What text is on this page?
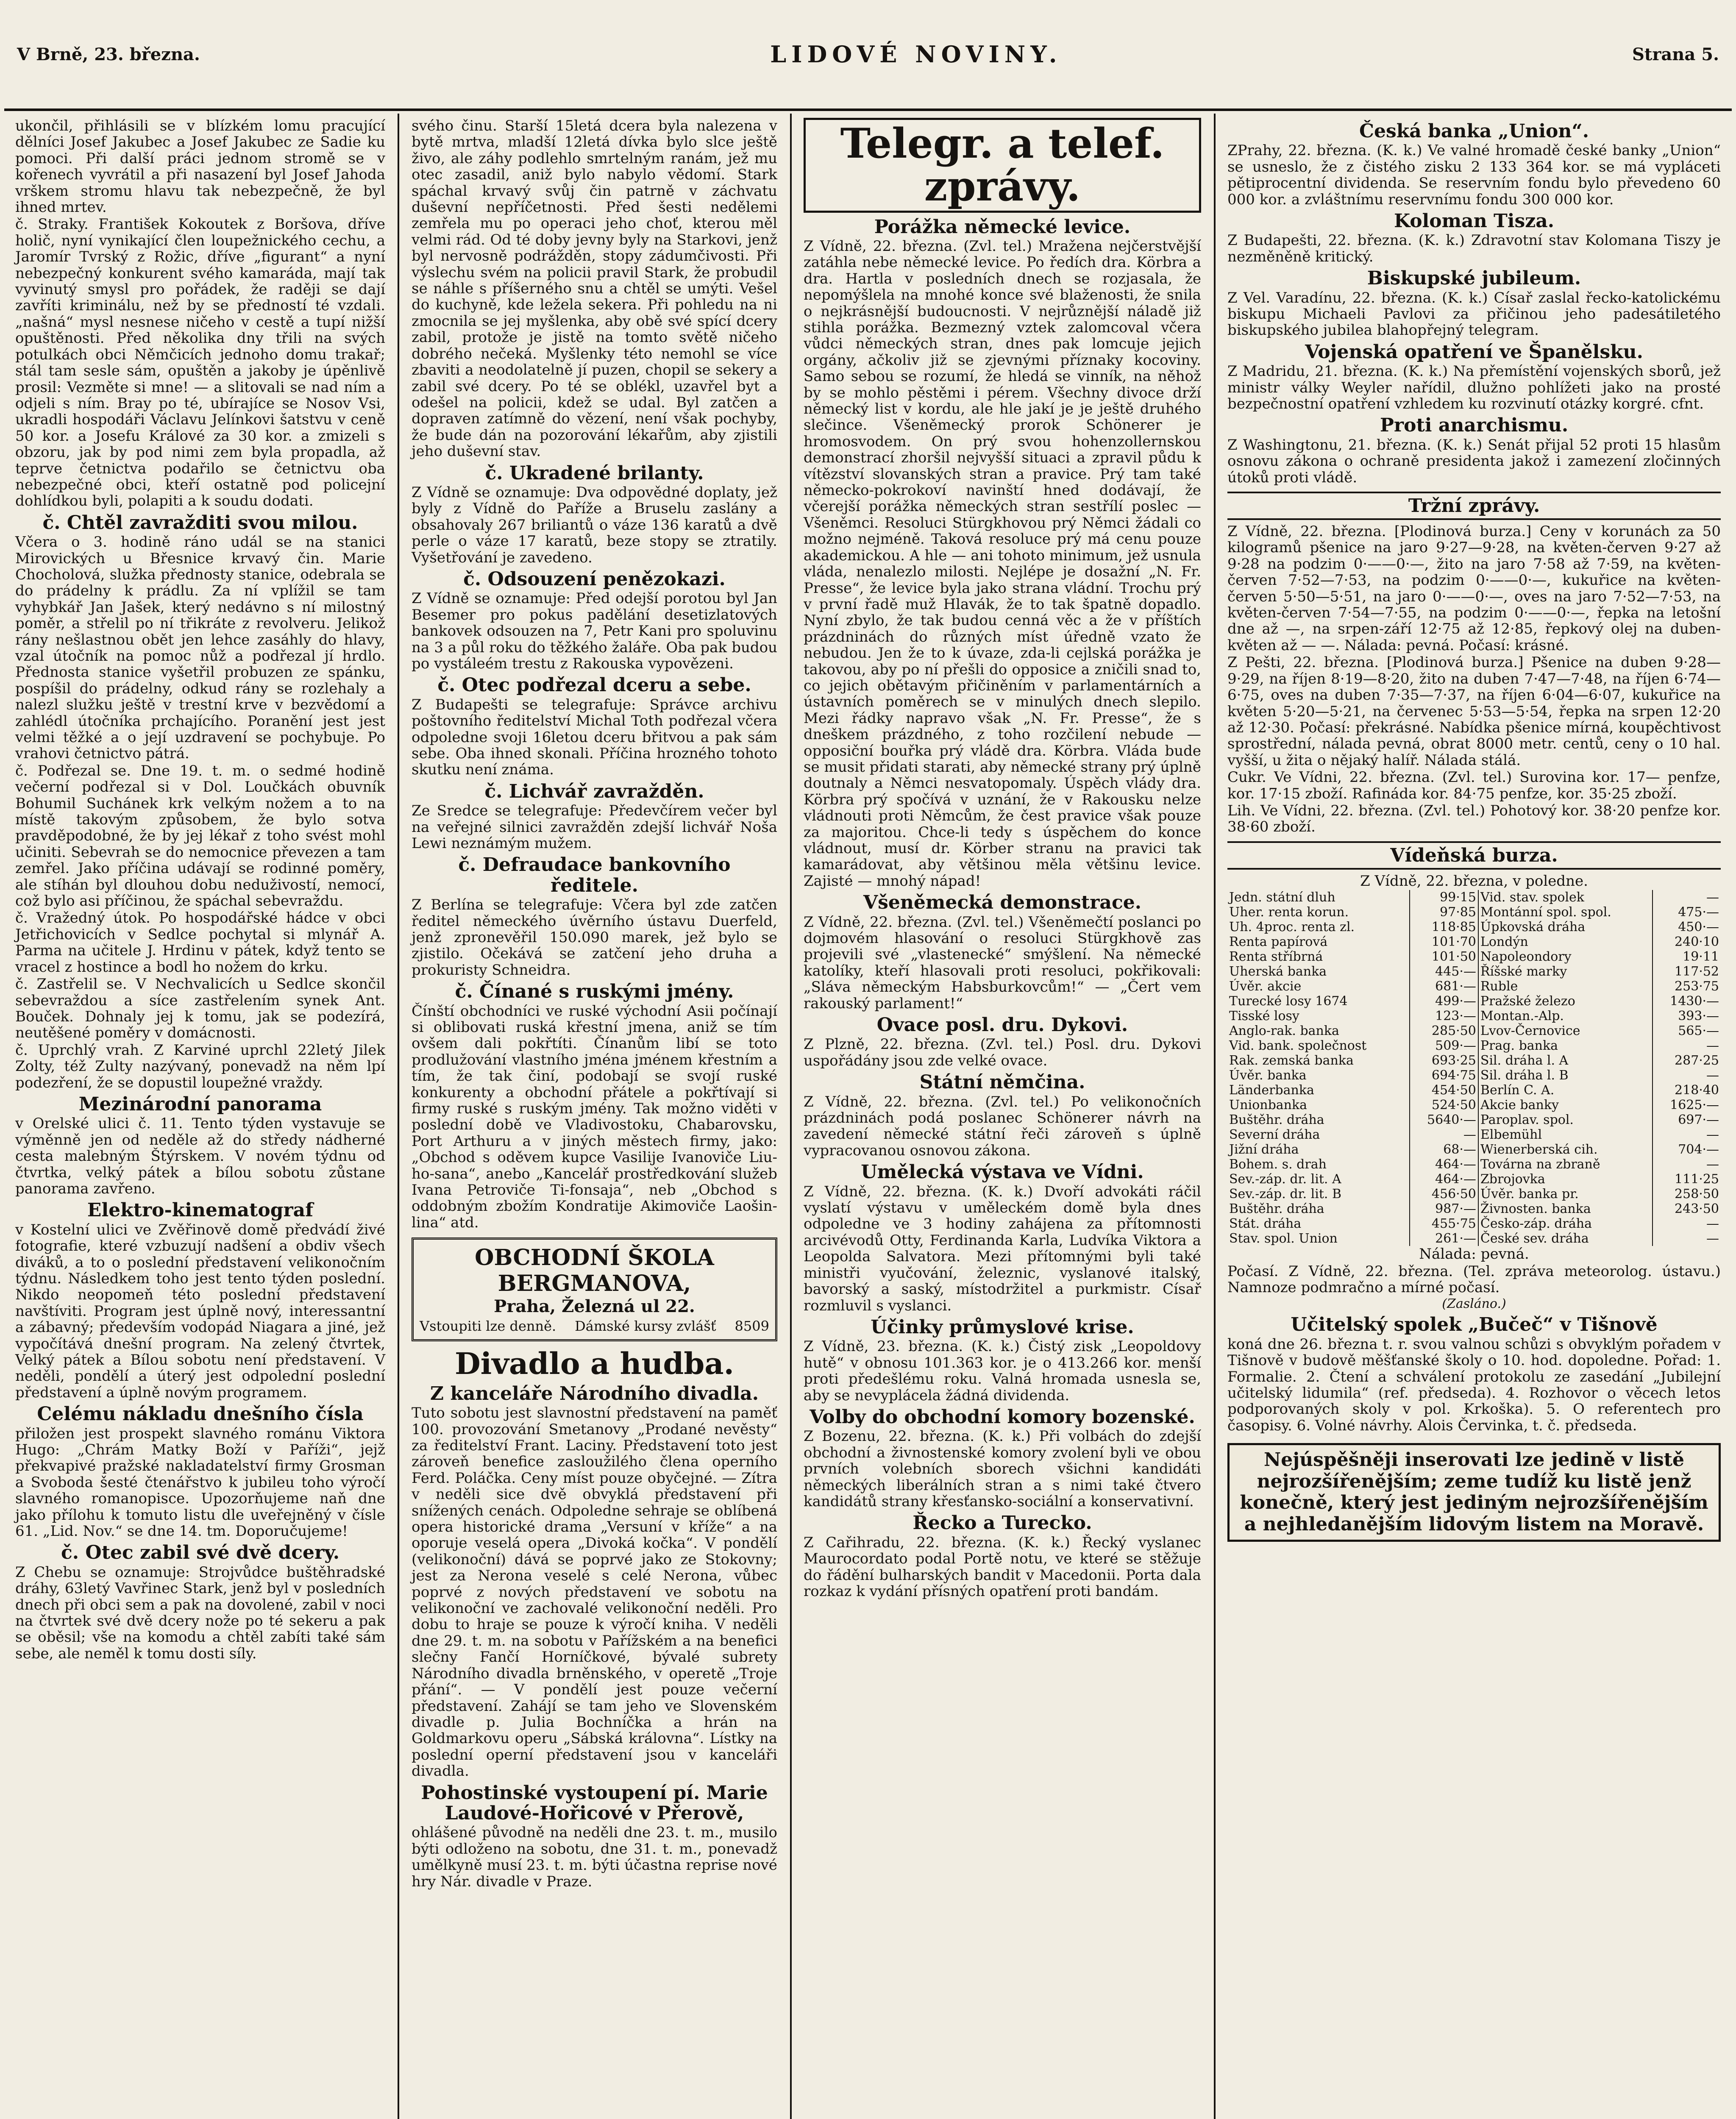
V Brně, 23. března.	LIDOVÉ NOVINY.	Strana 5.

ukončil, přihlásili se v blízkém lomu pracující dělníci Josef Jakubec a Josef Jakubec ze Sadie ku pomoci. Při další práci jednom stromě se v kořenech vyvrátil a při nasazení byl Josef Jahoda vrškem stromu hlavu tak nebezpečně, že byl ihned mrtev.

č. Straky. František Kokoutek z Boršova, dříve holič, nyní vynikající člen loupežnického cechu, a Jaromír Tvrský z Rožic, dříve „figurant“ a nyní nebezpečný konkurent svého kamaráda, mají tak vyvinutý smysl pro pořádek, že raději se dají zavříti kriminálu, než by se předností té vzdali. „našná“ mysl nesnese ničeho v cestě a tupí nižší opuštěnosti. Před několika dny třili na svých potulkách obci Němčicích jednoho domu trakař; stál tam sesle sám, opuštěn a jakoby je úpěnlivě prosil: Vezměte si mne! — a slitovali se nad ním a odjeli s ním. Bray po té, ubírajíce se Nosov Vsi, ukradli hospodáři Václavu Jelínkovi šatstvu v ceně 50 kor. a Josefu Králové za 30 kor. a zmizeli s obzoru, jak by pod nimi zem byla propadla, až teprve četnictva podařilo se četnictvu oba nebezpečné obci, kteří ostatně pod policejní dohlídkou byli, polapiti a k soudu dodati.

č. Chtěl zavražditi svou milou.

Včera o 3. hodině ráno udál se na stanici Mirovických u Břesnice krvavý čin. Marie Chocholová, služka přednosty stanice, odebrala se do prádelny k prádlu. Za ní vplížil se tam vyhybkář Jan Jašek, který nedávno s ní milostný poměr, a střelil po ní třikráte z revolveru. Jelikož rány nešlastnou obět jen lehce zasáhly do hlavy, vzal útočník na pomoc nůž a podřezal jí hrdlo. Přednosta stanice vyšetřil probuzen ze spánku, pospíšil do prádelny, odkud rány se rozlehaly a nalezl služku ještě v trestní krve v bezvědomí a zahlédl útočníka prchajícího. Poranění jest jest velmi těžké a o její uzdravení se pochybuje. Po vrahovi četnictvo pátrá.

č. Podřezal se. Dne 19. t. m. o sedmé hodině večerní podřezal si v Dol. Loučkách obuvník Bohumil Suchánek krk velkým nožem a to na místě takovým způsobem, že bylo sotva pravděpodobné, že by jej lékař z toho svést mohl učiniti. Sebevrah se do nemocnice převezen a tam zemřel. Jako příčina udávají se rodinné poměry, ale stíhán byl dlouhou dobu neduživostí, nemocí, což bylo asi příčinou, že spáchal sebevraždu.

č. Vražedný útok. Po hospodářské hádce v obci Jetřichovicích v Sedlce pochytal si mlynář A. Parma na učitele J. Hrdinu v pátek, když tento se vracel z hostince a bodl ho nožem do krku.

č. Zastřelil se. V Nechvalicích u Sedlce skončil sebevraždou a síce zastřelením synek Ant. Bouček. Dohnaly jej k tomu, jak se podezírá, neutěšené poměry v domácnosti.

č. Uprchlý vrah. Z Karviné uprchl 22letý Jilek Zolty, též Zulty nazývaný, ponevadž na něm lpí podezření, že se dopustil loupežné vraždy.

Mezinárodní panorama

v Orelské ulici č. 11. Tento týden vystavuje se výměnně jen od neděle až do středy nádherné cesta malebným Štýrskem. V novém týdnu od čtvrtka, velký pátek a bílou sobotu zůstane panorama zavřeno.

Elektro-kinematograf

v Kostelní ulici ve Zvěřinově domě předvádí živé fotografie, které vzbuzují nadšení a obdiv všech diváků, a to o poslední představení velikonočním týdnu. Následkem toho jest tento týden poslední. Nikdo neopomeň této poslední představení navštíviti. Program jest úplně nový, interessantní a zábavný; především vodopád Niagara a jiné, jež vypočítává dnešní program. Na zelený čtvrtek, Velký pátek a Bílou sobotu není představení. V neděli, pondělí a úterý jest odpolední poslední představení a úplně novým programem.

Celému nákladu dnešního čísla

přiložen jest prospekt slavného románu Viktora Hugo: „Chrám Matky Boží v Paříži“, jejž překvapivé pražské nakladatelství firmy Grosman a Svoboda šesté čtenářstvo k jubileu toho výročí slavného romanopisce. Upozorňujeme naň dne jako přílohu k tomuto listu dle uveřejněný v čísle 61. „Lid. Nov.“ se dne 14. tm. Doporučujeme!

č. Otec zabil své dvě dcery.

Z Chebu se oznamuje: Strojvůdce buštěhradské dráhy, 63letý Vavřinec Stark, jenž byl v posledních dnech při obci sem a pak na dovolené, zabil v noci na čtvrtek své dvě dcery nože po té sekeru a pak se oběsil; vše na komodu a chtěl zabíti také sám sebe, ale neměl k tomu dosti síly.

svého činu. Starší 15letá dcera byla nalezena v bytě mrtva, mladší 12letá dívka bylo slce ještě živo, ale záhy podlehlo smrtelným ranám, jež mu otec zasadil, aniž bylo nabylo vědomí. Stark spáchal krvavý svůj čin patrně v záchvatu duševní nepříčetnosti. Před šesti nedělemi zemřela mu po operaci jeho choť, kterou měl velmi rád. Od té doby jevny byly na Starkovi, jenž byl nervosně podrážděn, stopy zádumčivosti. Při výslechu svém na policii pravil Stark, že probudil se náhle s příšerného snu a chtěl se umýti. Vešel do kuchyně, kde ležela sekera. Při pohledu na ni zmocnila se jej myšlenka, aby obě své spící dcery zabil, protože je jistě na tomto světě ničeho dobrého nečeká. Myšlenky této nemohl se více zbaviti a neodolatelně jí puzen, chopil se sekery a zabil své dcery. Po té se oblékl, uzavřel byt a odešel na policii, kdež se udal. Byl zatčen a dopraven zatímně do vězení, není však pochyby, že bude dán na pozorování lékařům, aby zjistili jeho duševní stav.

č. Ukradené brilanty.

Z Vídně se oznamuje: Dva odpovědné doplaty, jež byly z Vídně do Paříže a Bruselu zaslány a obsahovaly 267 briliantů o váze 136 karatů a dvě perle o váze 17 karatů, beze stopy se ztratily. Vyšetřování je zavedeno.

č. Odsouzení penězokazi.

Z Vídně se oznamuje: Před odejší porotou byl Jan Besemer pro pokus padělání desetizlatových bankovek odsouzen na 7, Petr Kani pro spoluvinu na 3 a půl roku do těžkého žaláře. Oba pak budou po vystáleém trestu z Rakouska vypovězeni.

č. Otec podřezal dceru a sebe.

Z Budapešti se telegrafuje: Správce archivu poštovního ředitelství Michal Toth podřezal včera odpoledne svoji 16letou dceru břitvou a pak sám sebe. Oba ihned skonali. Příčina hrozného tohoto skutku není známa.

č. Lichvář zavražděn.

Ze Sredce se telegrafuje: Předevčírem večer byl na veřejné silnici zavražděn zdejší lichvář Noša Lewi neznámým mužem.

č. Defraudace bankovního ředitele.

Z Berlína se telegrafuje: Včera byl zde zatčen ředitel německého úvěrního ústavu Duerfeld, jenž zpronevěřil 150.090 marek, jež bylo se zjistilo. Očekává se zatčení jeho druha a prokuristy Schneidra.

č. Čínané s ruskými jmény.

Čínští obchodníci ve ruské východní Asii počínají si oblibovati ruská křestní jmena, aniž se tím ovšem dali pokřtíti. Čínanům libí se toto prodlužování vlastního jména jménem křestním a tím, že tak činí, podobají se svojí ruské konkurenty a obchodní přátele a pokřtívají si firmy ruské s ruským jmény. Tak možno viděti v poslední době ve Vladivostoku, Chabarovsku, Port Arthuru a v jiných městech firmy, jako: „Obchod s oděvem kupce Vasilije Ivanoviče Liu-ho-sana“, anebo „Kancelář prostředkování služeb Ivana Petroviče Ti-fonsaja“, neb „Obchod s oddobným zbožím Kondratije Akimoviče Laošin-lina“ atd.

OBCHODNÍ ŠKOLA BERGMANOVA,
Praha, Železná ul 22.
Vstoupiti lze denně. Dámské kursy zvlášť 8509
Divadlo a hudba.
Z kanceláře Národního divadla.

Tuto sobotu jest slavnostní představení na paměť 100. provozování Smetanovy „Prodané nevěsty“ za ředitelství Frant. Laciny. Představení toto jest zároveň benefice zasloužilého člena operního Ferd. Poláčka. Ceny míst pouze obyčejné. — Zítra v neděli sice dvě obvyklá představení při snížených cenách. Odpoledne sehraje se oblíbená opera historické drama „Versuní v kříže“ a na oporuje veselá opera „Divoká kočka“. V pondělí (velikonoční) dává se poprvé jako ze Stokovny; jest za Nerona veselé s celé Nerona, vůbec poprvé z nových představení ve sobotu na velikonoční ve zachovalé velikonoční neděli. Pro dobu to hraje se pouze k výročí kniha. V neděli dne 29. t. m. na sobotu v Pařížském a na benefici slečny Fančí Horníčkové, bývalé subrety Národního divadla brněnského, v operetě „Troje přání“. — V pondělí jest pouze večerní představení. Zahájí se tam jeho ve Slovenském divadle p. Julia Bochníčka a hrán na Goldmarkovu operu „Sábská královna“. Lístky na poslední operní představení jsou v kanceláři divadla.

Pohostinské vystoupení pí. Marie Laudové-Hořicové v Přerově,

ohlášené původně na neděli dne 23. t. m., musilo býti odloženo na sobotu, dne 31. t. m., ponevadž umělkyně musí 23. t. m. býti účastna reprise nové hry Nár. divadle v Praze.

Telegr. a telef. zprávy.
Porážka německé levice.

Z Vídně, 22. března. (Zvl. tel.) Mražena nejčerstvější zatáhla nebe německé levice. Po ředích dra. Körbra a dra. Hartla v posledních dnech se rozjasala, že nepomýšlela na mnohé konce své blaženosti, že snila o nejkrásnější budoucnosti. V nejrůznější náladě již stihla porážka. Bezmezný vztek zalomcoval včera vůdci německých stran, dnes pak lomcuje jejich orgány, ačkoliv již se zjevnými příznaky kocoviny. Samo sebou se rozumí, že hledá se vinník, na něhož by se mohlo pěstěmi i pérem. Všechny divoce drží německý list v kordu, ale hle jakí je je ještě druhého slečince. Všeněmecký prorok Schönerer je hromosvodem. On prý svou hohenzollernskou demonstrací zhoršil nejvyšší situaci a zpravil půdu k vítězství slovanských stran a pravice. Prý tam také německo-pokrokoví navinští hned dodávají, že včerejší porážka německých stran sestřílí poslec — Všeněmci. Resoluci Stürgkhovou prý Němci žádali co možno nejméně. Taková resoluce prý má cenu pouze akademickou. A hle — ani tohoto minimum, jež usnula vláda, nenalezlo milosti. Nejlépe je dosažní „N. Fr. Presse“, že levice byla jako strana vládní. Trochu prý v první řadě muž Hlavák, že to tak špatně dopadlo. Nyní zbylo, že tak budou cenná věc a že v příštích prázdninách do různých míst úředně vzato že nebudou. Jen že to k úvaze, zda-li cejlská porážka je takovou, aby po ní přešli do opposice a zničili snad to, co jejich obětavým přičiněním v parlamentárních a ústavních poměrech se v minulých dnech slepilo. Mezi řádky napravo však „N. Fr. Presse“, že s dneškem prázdného, z toho rozčilení nebude — opposiční bouřka prý vládě dra. Körbra. Vláda bude se musit přidati starati, aby německé strany prý úplně doutnaly a Němci nesvatopomaly. Úspěch vlády dra. Körbra prý spočívá v uznání, že v Rakousku nelze vládnouti proti Němcům, že čest pravice však pouze za majoritou. Chce-li tedy s úspěchem do konce vládnout, musí dr. Körber stranu na pravici tak kamarádovat, aby většinou měla většinu levice. Zajisté — mnohý nápad!

Všeněmecká demonstrace.

Z Vídně, 22. března. (Zvl. tel.) Všeněmečtí poslanci po dojmovém hlasování o resoluci Stürgkhově zas projevili své „vlastenecké“ smýšlení. Na německé katolíky, kteří hlasovali proti resoluci, pokřikovali: „Sláva německým Habsburkovcům!“ — „Čert vem rakouský parlament!“

Ovace posl. dru. Dykovi.

Z Plzně, 22. března. (Zvl. tel.) Posl. dru. Dykovi uspořádány jsou zde velké ovace.

Státní němčina.

Z Vídně, 22. března. (Zvl. tel.) Po velikonočních prázdninách podá poslanec Schönerer návrh na zavedení německé státní řeči zároveň s úplně vypracovanou osnovou zákona.

Umělecká výstava ve Vídni.

Z Vídně, 22. března. (K. k.) Dvoří advokáti ráčil vyslatí výstavu v uměleckém domě byla dnes odpoledne ve 3 hodiny zahájena za přítomnosti arcivévodů Otty, Ferdinanda Karla, Ludvíka Viktora a Leopolda Salvatora. Mezi přítomnými byli také ministři vyučování, železnic, vyslanové italský, bavorský a saský, místodržitel a purkmistr. Císař rozmluvil s vyslanci.

Účinky průmyslové krise.

Z Vídně, 23. března. (K. k.) Čistý zisk „Leopoldovy hutě“ v obnosu 101.363 kor. je o 413.266 kor. menší proti předešlému roku. Valná hromada usnesla se, aby se nevyplácela žádná dividenda.

Volby do obchodní komory bozenské.

Z Bozenu, 22. března. (K. k.) Při volbách do zdejší obchodní a živnostenské komory zvolení byli ve obou prvních volebních sborech všichni kandidáti německých liberálních stran a s nimi také čtvero kandidátů strany křesťansko-sociální a konservativní.

Řecko a Turecko.

Z Cařihradu, 22. března. (K. k.) Řecký vyslanec Maurocordato podal Portě notu, ve které se stěžuje do řádění bulharských bandit v Macedonii. Porta dala rozkaz k vydání přísných opatření proti bandám.

Česká banka „Union“.

ZPrahy, 22. března. (K. k.) Ve valné hromadě české banky „Union“ se usneslo, že z čistého zisku 2 133 364 kor. se má vypláceti pětiprocentní dividenda. Se reservním fondu bylo převedeno 60 000 kor. a zvláštnímu reservnímu fondu 300 000 kor.

Koloman Tisza.

Z Budapešti, 22. března. (K. k.) Zdravotní stav Kolomana Tiszy je nezměněně kritický.

Biskupské jubileum.

Z Vel. Varadínu, 22. března. (K. k.) Císař zaslal řecko-katolickému biskupu Michaeli Pavlovi za přičinou jeho padesátiletého biskupského jubilea blahopřejný telegram.

Vojenská opatření ve Španělsku.

Z Madridu, 21. března. (K. k.) Na přemístění vojenských sborů, jež ministr války Weyler nařídil, dlužno pohlížeti jako na prosté bezpečnostní opatření vzhledem ku rozvinutí otázky korgré. cfnt.

Proti anarchismu.

Z Washingtonu, 21. března. (K. k.) Senát přijal 52 proti 15 hlasům osnovu zákona o ochraně presidenta jakož i zamezení zločinných útoků proti vládě.

Tržní zprávy.

Z Vídně, 22. března. [Plodinová burza.] Ceny v korunách za 50 kilogramů pšenice na jaro 9·27—9·28, na květen-červen 9·27 až 9·28 na podzim 0·——0·—, žito na jaro 7·58 až 7·59, na květen-červen 7·52—7·53, na podzim 0·——0·—, kukuřice na květen-červen 5·50—5·51, na jaro 0·——0·—, oves na jaro 7·52—7·53, na květen-červen 7·54—7·55, na podzim 0·——0·—, řepka na letošní dne až —, na srpen-září 12·75 až 12·85, řepkový olej na duben-květen až — —. Nálada: pevná. Počasí: krásné.

Z Pešti, 22. března. [Plodinová burza.] Pšenice na duben 9·28—9·29, na říjen 8·19—8·20, žito na duben 7·47—7·48, na říjen 6·74—6·75, oves na duben 7·35—7·37, na říjen 6·04—6·07, kukuřice na květen 5·20—5·21, na červenec 5·53—5·54, řepka na srpen 12·20 až 12·30. Počasí: překrásné. Nabídka pšenice mírná, koupěchtivost sprostřední, nálada pevná, obrat 8000 metr. centů, ceny o 10 hal. vyšší, u žita o nějaký halíř. Nálada stálá.

Cukr. Ve Vídni, 22. března. (Zvl. tel.) Surovina kor. 17— penfze, kor. 17·15 zboží. Rafináda kor. 84·75 penfze, kor. 35·25 zboží.

Lih. Ve Vídni, 22. března. (Zvl. tel.) Pohotový kor. 38·20 penfze kor. 38·60 zboží.

Vídeňská burza.
Z Vídně, 22. března, v poledne.
Jedn. státní dluh	99·15	Vid. stav. spolek	—
Uher. renta korun.	97·85	Montánní spol. spol.	475·—
Uh. 4proc. renta zl.	118·85	Úpkovská dráha	450·—
Renta papírová	101·70	Londýn	240·10
Renta stříbrná	101·50	Napoleondory	19·11
Uherská banka	445·—	Říšské marky	117·52
Úvěr. akcie	681·—	Ruble	253·75
Turecké losy 1674	499·—	Pražské železo	1430·—
Tisské losy	123·—	Montan.-Alp.	393·—
Anglo-rak. banka	285·50	Lvov-Černovice	565·—
Vid. bank. společnost	509·—	Prag. banka	—
Rak. zemská banka	693·25	Sil. dráha l. A	287·25
Úvěr. banka	694·75	Sil. dráha l. B	—
Länderbanka	454·50	Berlín C. A.	218·40
Unionbanka	524·50	Akcie banky	1625·—
Buštěhr. dráha	5640·—	Paroplav. spol.	697·—
Severní dráha	—	Elbemühl	—
Jižní dráha	68·—	Wienerberská cih.	704·—
Bohem. s. drah	464·—	Továrna na zbraně	—
Sev.-záp. dr. lit. A	464·—	Zbrojovka	111·25
Sev.-záp. dr. lit. B	456·50	Úvěr. banka pr.	258·50
Buštěhr. dráha	987·—	Živnosten. banka	243·50
Stát. dráha	455·75	Česko-záp. dráha	—
Stav. spol. Union	261·—	České sev. dráha	—
Nálada: pevná.

Počasí. Z Vídně, 22. března. (Tel. zpráva meteorolog. ústavu.) Namnoze podmračno a mírné počasí.

(Zasláno.)
Učitelský spolek „Bučeč“ v Tišnově

koná dne 26. března t. r. svou valnou schůzi s obvyklým pořadem v Tišnově v budově měšťanské školy o 10. hod. dopoledne. Pořad: 1. Formalie. 2. Čtení a schválení protokolu ze zasedání „Jubilejní učitelský lidumila“ (ref. předseda). 4. Rozhovor o věcech letos podporovaných skoly v pol. Krkoška). 5. O referentech pro časopisy. 6. Volné návrhy. Alois Červinka, t. č. předseda.

Nejúspěšněji inserovati lze jedině v listě nejrozšířenějším; zeme tudíž ku listě jenž konečně, který jest jediným nejrozšířenějším a nejhledanějším lidovým listem na Moravě.
